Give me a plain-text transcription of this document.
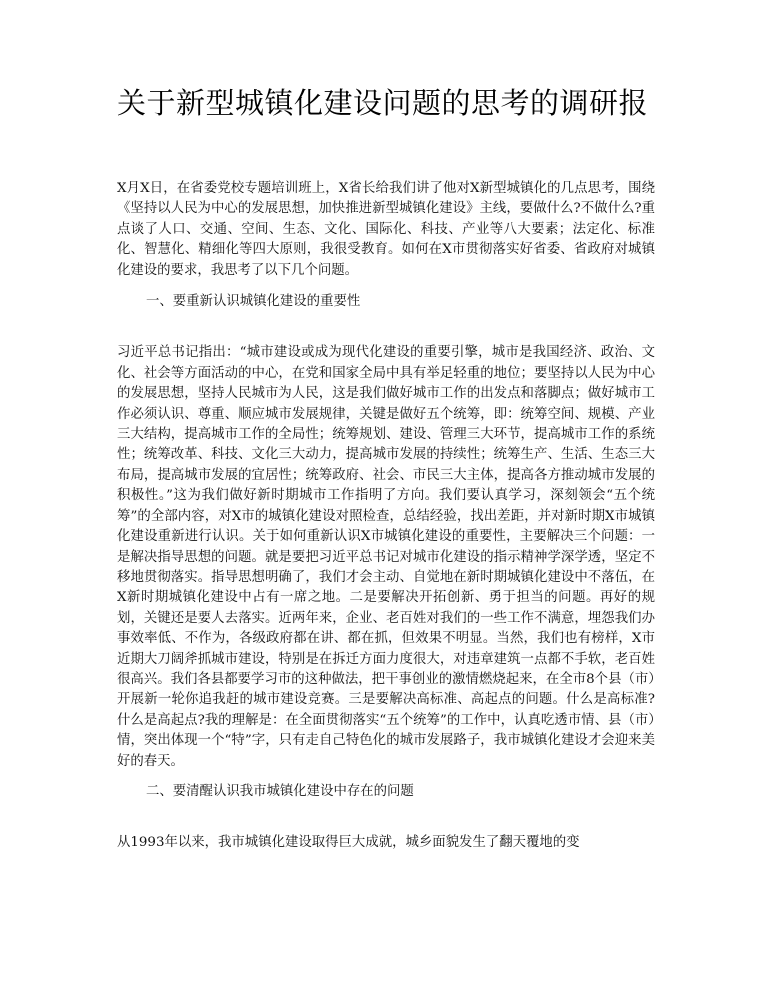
关于新型城镇化建设问题的思考的调研报

X月X日，在省委党校专题培训班上，X省长给我们讲了他对X新型城镇化的几点思考，围绕《坚持以人民为中心的发展思想，加快推进新型城镇化建设》主线，要做什么?不做什么?重点谈了人口、交通、空间、生态、文化、国际化、科技、产业等八大要素；法定化、标准化、智慧化、精细化等四大原则，我很受教育。如何在X市贯彻落实好省委、省政府对城镇化建设的要求，我思考了以下几个问题。

一、要重新认识城镇化建设的重要性

习近平总书记指出：“城市建设或成为现代化建设的重要引擎，城市是我国经济、政治、文化、社会等方面活动的中心，在党和国家全局中具有举足轻重的地位；要坚持以人民为中心的发展思想，坚持人民城市为人民，这是我们做好城市工作的出发点和落脚点；做好城市工作必须认识、尊重、顺应城市发展规律，关键是做好五个统筹，即：统筹空间、规模、产业三大结构，提高城市工作的全局性；统筹规划、建设、管理三大环节，提高城市工作的系统性；统筹改革、科技、文化三大动力，提高城市发展的持续性；统筹生产、生活、生态三大布局，提高城市发展的宜居性；统筹政府、社会、市民三大主体，提高各方推动城市发展的积极性。”这为我们做好新时期城市工作指明了方向。我们要认真学习，深刻领会“五个统筹”的全部内容，对X市的城镇化建设对照检查，总结经验，找出差距，并对新时期X市城镇化建设重新进行认识。关于如何重新认识X市城镇化建设的重要性，主要解决三个问题：一是解决指导思想的问题。就是要把习近平总书记对城市化建设的指示精神学深学透，坚定不移地贯彻落实。指导思想明确了，我们才会主动、自觉地在新时期城镇化建设中不落伍，在X新时期城镇化建设中占有一席之地。二是要解决开拓创新、勇于担当的问题。再好的规划，关键还是要人去落实。近两年来，企业、老百姓对我们的一些工作不满意，埋怨我们办事效率低、不作为，各级政府都在讲、都在抓，但效果不明显。当然，我们也有榜样，X市近期大刀阔斧抓城市建设，特别是在拆迁方面力度很大，对违章建筑一点都不手软，老百姓很高兴。我们各县都要学习市的这种做法，把干事创业的激情燃烧起来，在全市8个县（市）开展新一轮你追我赶的城市建设竞赛。三是要解决高标准、高起点的问题。什么是高标准?什么是高起点?我的理解是：在全面贯彻落实“五个统筹”的工作中，认真吃透市情、县（市）情，突出体现一个“特”字，只有走自己特色化的城市发展路子，我市城镇化建设才会迎来美好的春天。

二、要清醒认识我市城镇化建设中存在的问题

从1993年以来，我市城镇化建设取得巨大成就，城乡面貌发生了翻天覆地的变
